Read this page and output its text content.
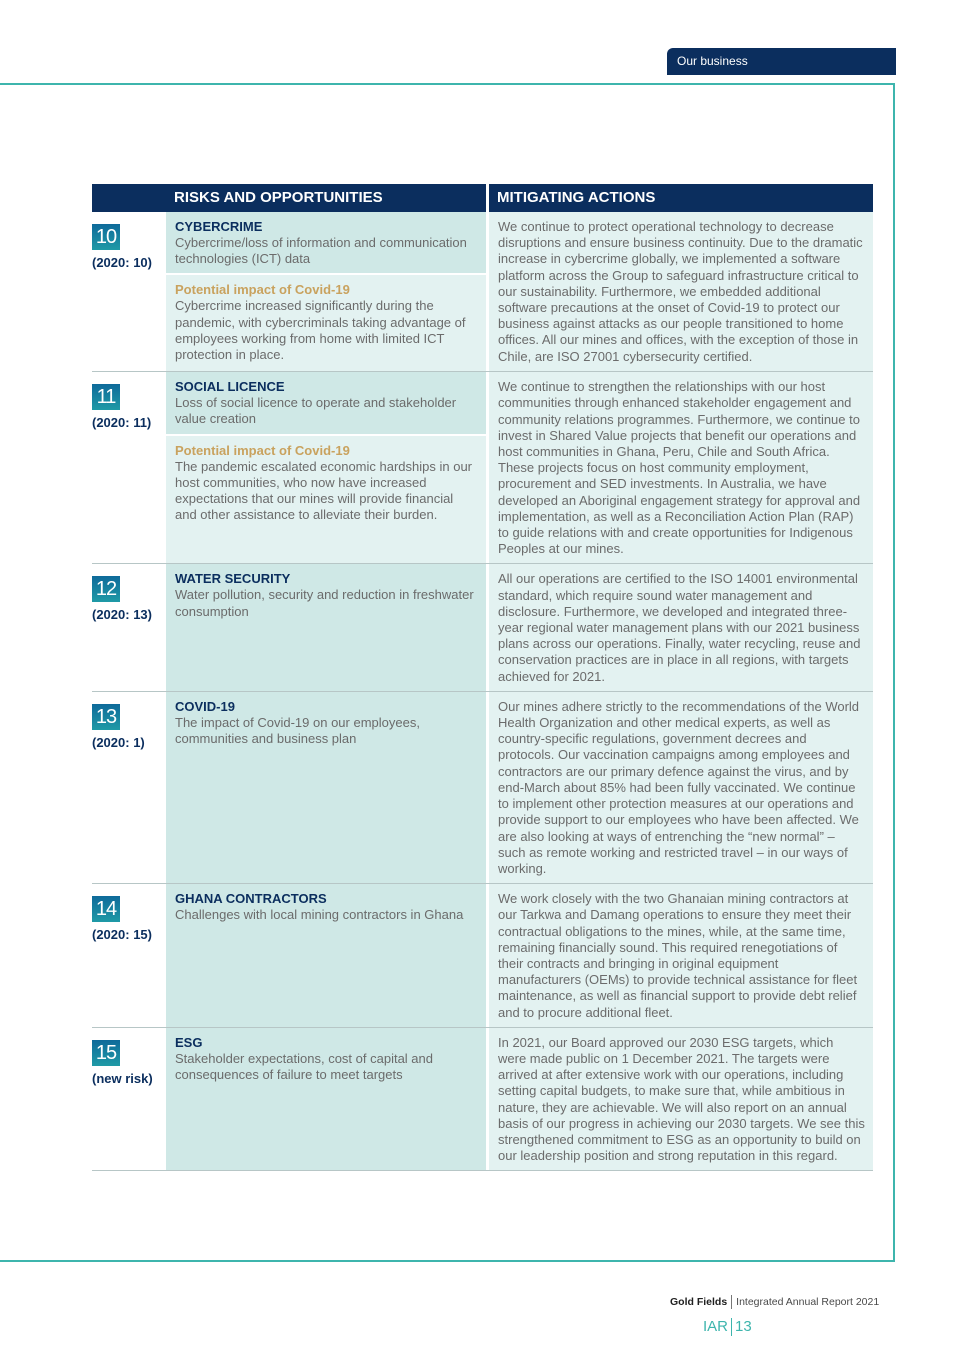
Our business
RISKS AND OPPORTUNITIES	MITIGATING ACTIONS
10
(2020: 10)
CYBERCRIME
Cybercrime/loss of information and communication technologies (ICT) data
Potential impact of Covid-19
Cybercrime increased significantly during the pandemic, with cybercriminals taking advantage of employees working from home with limited ICT protection in place.
We continue to protect operational technology to decrease disruptions and ensure business continuity. Due to the dramatic increase in cybercrime globally, we implemented a software platform across the Group to safeguard infrastructure critical to our sustainability. Furthermore, we embedded additional software precautions at the onset of Covid-19 to protect our business against attacks as our people transitioned to home offices. All our mines and offices, with the exception of those in Chile, are ISO 27001 cybersecurity certified.
11
(2020: 11)
SOCIAL LICENCE
Loss of social licence to operate and stakeholder value creation
Potential impact of Covid-19
The pandemic escalated economic hardships in our host communities, who now have increased expectations that our mines will provide financial and other assistance to alleviate their burden.
We continue to strengthen the relationships with our host communities through enhanced stakeholder engagement and community relations programmes. Furthermore, we continue to invest in Shared Value projects that benefit our operations and host communities in Ghana, Peru, Chile and South Africa. These projects focus on host community employment, procurement and SED investments. In Australia, we have developed an Aboriginal engagement strategy for approval and implementation, as well as a Reconciliation Action Plan (RAP) to guide relations with and create opportunities for Indigenous Peoples at our mines.
12
(2020: 13)
WATER SECURITY
Water pollution, security and reduction in freshwater consumption
All our operations are certified to the ISO 14001 environmental standard, which require sound water management and disclosure. Furthermore, we developed and integrated three-year regional water management plans with our 2021 business plans across our operations. Finally, water recycling, reuse and conservation practices are in place in all regions, with targets achieved for 2021.
13
(2020: 1)
COVID-19
The impact of Covid-19 on our employees, communities and business plan
Our mines adhere strictly to the recommendations of the World Health Organization and other medical experts, as well as country-specific regulations, government decrees and protocols. Our vaccination campaigns among employees and contractors are our primary defence against the virus, and by end-March about 85% had been fully vaccinated. We continue to implement other protection measures at our operations and provide support to our employees who have been affected. We are also looking at ways of entrenching the “new normal” – such as remote working and restricted travel – in our ways of working.
14
(2020: 15)
GHANA CONTRACTORS
Challenges with local mining contractors in Ghana
We work closely with the two Ghanaian mining contractors at our Tarkwa and Damang operations to ensure they meet their contractual obligations to the mines, while, at the same time, remaining financially sound. This required renegotiations of their contracts and bringing in original equipment manufacturers (OEMs) to provide technical assistance for fleet maintenance, as well as financial support to provide debt relief and to procure additional fleet.
15
(new risk)
ESG
Stakeholder expectations, cost of capital and consequences of failure to meet targets
In 2021, our Board approved our 2030 ESG targets, which were made public on 1 December 2021. The targets were arrived at after extensive work with our operations, including setting capital budgets, to make sure that, while ambitious in nature, they are achievable. We will also report on an annual basis of our progress in achieving our 2030 targets. We see this strengthened commitment to ESG as an opportunity to build on our leadership position and strong reputation in this regard.
Gold Fields Integrated Annual Report 2021
IAR 13
